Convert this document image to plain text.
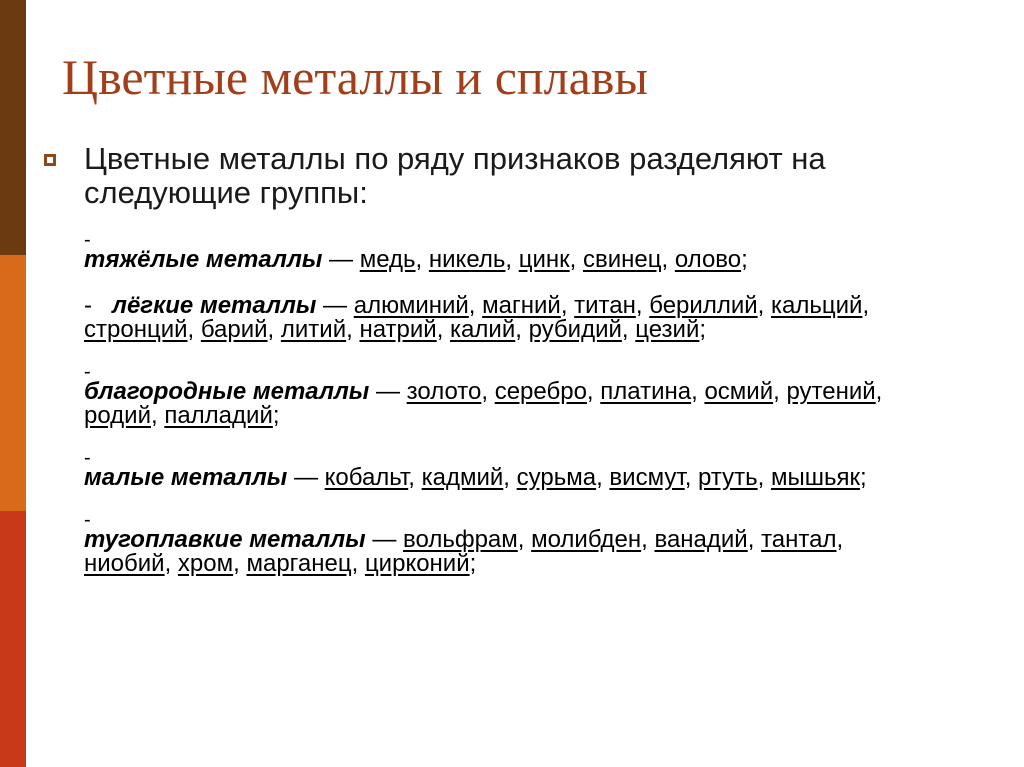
Цветные металлы и сплавы
Цветные металлы по ряду признаков разделяют на следующие группы:
-
тяжёлые металлы — медь, никель, цинк, свинец, олово;
- лёгкие металлы — алюминий, магний, титан, бериллий, кальций, стронций, барий, литий, натрий, калий, рубидий, цезий;
-
благородные металлы — золото, серебро, платина, осмий, рутений, родий, палладий;
-
малые металлы — кобальт, кадмий, сурьма, висмут, ртуть, мышьяк;
-
тугоплавкие металлы — вольфрам, молибден, ванадий, тантал, ниобий, хром, марганец, цирконий;
